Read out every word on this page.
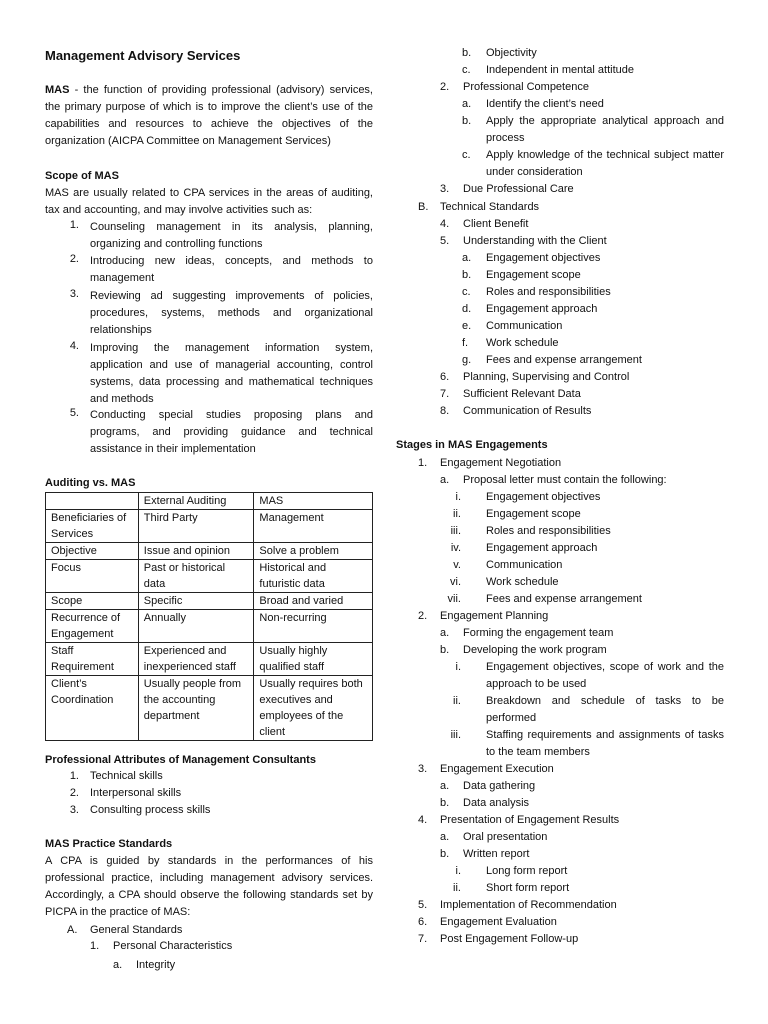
Management Advisory Services
MAS - the function of providing professional (advisory) services, the primary purpose of which is to improve the client’s use of the capabilities and resources to achieve the objectives of the organization (AICPA Committee on Management Services)
Scope of MAS
MAS are usually related to CPA services in the areas of auditing, tax and accounting, and may involve activities such as:
1. Counseling management in its analysis, planning, organizing and controlling functions
2. Introducing new ideas, concepts, and methods to management
3. Reviewing ad suggesting improvements of policies, procedures, systems, methods and organizational relationships
4. Improving the management information system, application and use of managerial accounting, control systems, data processing and mathematical techniques and methods
5. Conducting special studies proposing plans and programs, and providing guidance and technical assistance in their implementation
Auditing vs. MAS
	External Auditing	MAS
Beneficiaries of Services	Third Party	Management
Objective	Issue and opinion	Solve a problem
Focus	Past or historical data	Historical and futuristic data
Scope	Specific	Broad and varied
Recurrence of Engagement	Annually	Non-recurring
Staff Requirement	Experienced and inexperienced staff	Usually highly qualified staff
Client’s Coordination	Usually people from the accounting department	Usually requires both executives and employees of the client
Professional Attributes of Management Consultants
1. Technical skills
2. Interpersonal skills
3. Consulting process skills
MAS Practice Standards
A CPA is guided by standards in the performances of his professional practice, including management advisory services. Accordingly, a CPA should observe the following standards set by PICPA in the practice of MAS:
A. General Standards
1. Personal Characteristics
a. Integrity
b. Objectivity
c. Independent in mental attitude
2. Professional Competence
a. Identify the client’s need
b. Apply the appropriate analytical approach and process
c. Apply knowledge of the technical subject matter under consideration
3. Due Professional Care
B. Technical Standards
4. Client Benefit
5. Understanding with the Client
a. Engagement objectives
b. Engagement scope
c. Roles and responsibilities
d. Engagement approach
e. Communication
f. Work schedule
g. Fees and expense arrangement
6. Planning, Supervising and Control
7. Sufficient Relevant Data
8. Communication of Results
Stages in MAS Engagements
1. Engagement Negotiation
a. Proposal letter must contain the following:
i. Engagement objectives
ii. Engagement scope
iii. Roles and responsibilities
iv. Engagement approach
v. Communication
vi. Work schedule
vii. Fees and expense arrangement
2. Engagement Planning
a. Forming the engagement team
b. Developing the work program
i. Engagement objectives, scope of work and the approach to be used
ii. Breakdown and schedule of tasks to be performed
iii. Staffing requirements and assignments of tasks to the team members
3. Engagement Execution
a. Data gathering
b. Data analysis
4. Presentation of Engagement Results
a. Oral presentation
b. Written report
i. Long form report
ii. Short form report
5. Implementation of Recommendation
6. Engagement Evaluation
7. Post Engagement Follow-up
